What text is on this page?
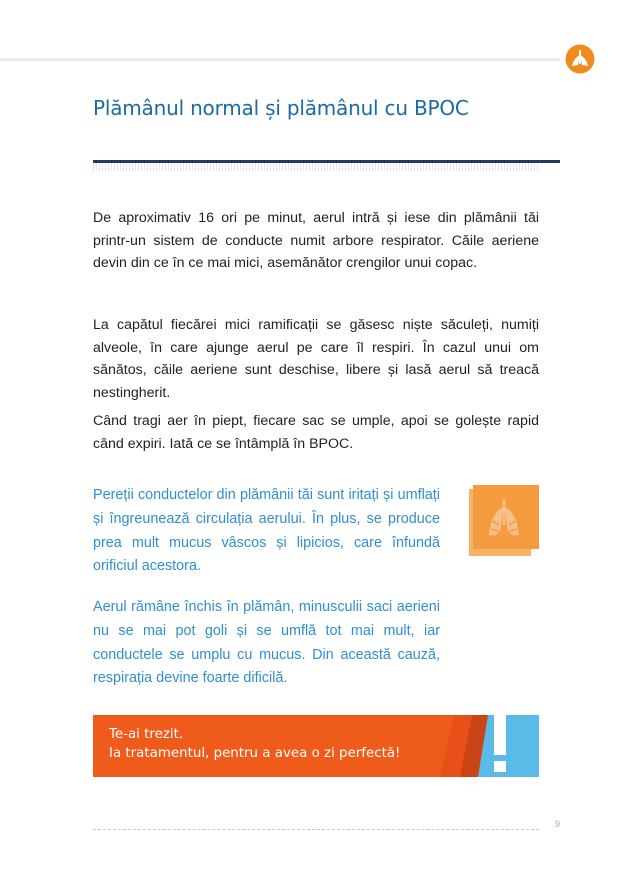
Plămânul normal și plămânul cu BPOC

De aproximativ 16 ori pe minut, aerul intră și iese din plămânii tăi printr-un sistem de conducte numit arbore respirator. Căile aeriene devin din ce în ce mai mici, asemănător crengilor unui copac.

La capătul fiecărei mici ramificații se găsesc niște săculeți, numiți alveole, în care ajunge aerul pe care îl respiri. În cazul unui om sănătos, căile aeriene sunt deschise, libere și lasă aerul să treacă nestingherit.

Când tragi aer în piept, fiecare sac se umple, apoi se golește rapid când expiri. Iată ce se întâmplă în BPOC.

Pereții conductelor din plămânii tăi sunt iritați și umflați și îngreunează circulația aerului. În plus, se produce prea mult mucus vâscos și lipicios, care înfundă orificiul acestora.

Aerul rămâne închis în plămân, minusculii saci aerieni nu se mai pot goli și se umflă tot mai mult, iar conductele se umplu cu mucus. Din această cauză, respirația devine foarte dificilă.

Te-ai trezit.
Ia tratamentul, pentru a avea o zi perfectă!
9
